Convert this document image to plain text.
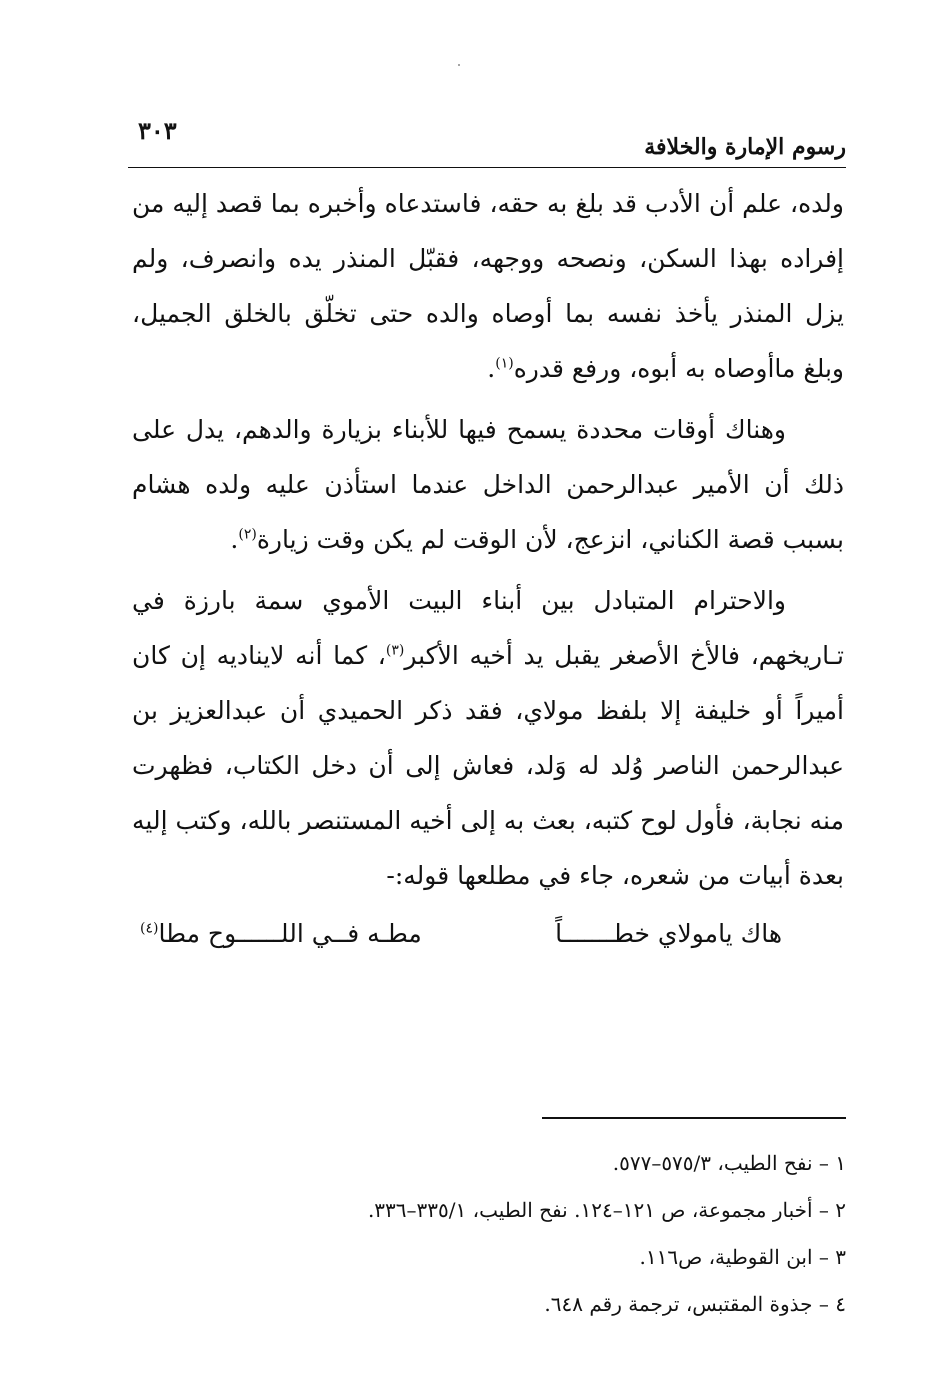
٣٠٣
رسوم الإمارة والخلافة

ولده، علم أن الأدب قد بلغ به حقه، فاستدعاه وأخبره بما قصد إليه من إفراده بهذا السكن، ونصحه ووجهه، فقبّل المنذر يده وانصرف، ولم يزل المنذر يأخذ نفسه بما أوصاه والده حتى تخلّق بالخلق الجميل، وبلغ ماأوصاه به أبوه، ورفع قدره$^{(١)}$.

وهناك أوقات محددة يسمح فيها للأبناء بزيارة والدهم، يدل على ذلك أن الأمير عبدالرحمن الداخل عندما استأذن عليه ولده هشام بسبب قصة الكناني، انزعج، لأن الوقت لم يكن وقت زيارة$^{(٢)}$.

والاحترام المتبادل بين أبناء البيت الأموي سمة بارزة في تـاريخهم، فالأخ الأصغر يقبل يد أخيه الأكبر$^{(٣)}$، كما أنه لايناديه إن كان أميراً أو خليفة إلا بلفظ مولاي، فقد ذكر الحميدي أن عبدالعزيز بن عبدالرحمن الناصر وُلد له وَلد، فعاش إلى أن دخل الكتاب، فظهرت منه نجابة، فأول لوح كتبه، بعث به إلى أخيه المستنصر بالله، وكتب إليه بعدة أبيات من شعره، جاء في مطلعها قوله:-

هاك يامولاي خطـــــــاً
مطـه فــي اللــــــوح مطا$^{(٤)}$
١ – نفح الطيب، ٥٧٥/٣–٥٧٧.
٢ – أخبار مجموعة، ص ١٢١–١٢٤. نفح الطيب، ٣٣٥/١–٣٣٦.
٣ – ابن القوطية، ص١١٦.
٤ – جذوة المقتبس، ترجمة رقم ٦٤٨.
